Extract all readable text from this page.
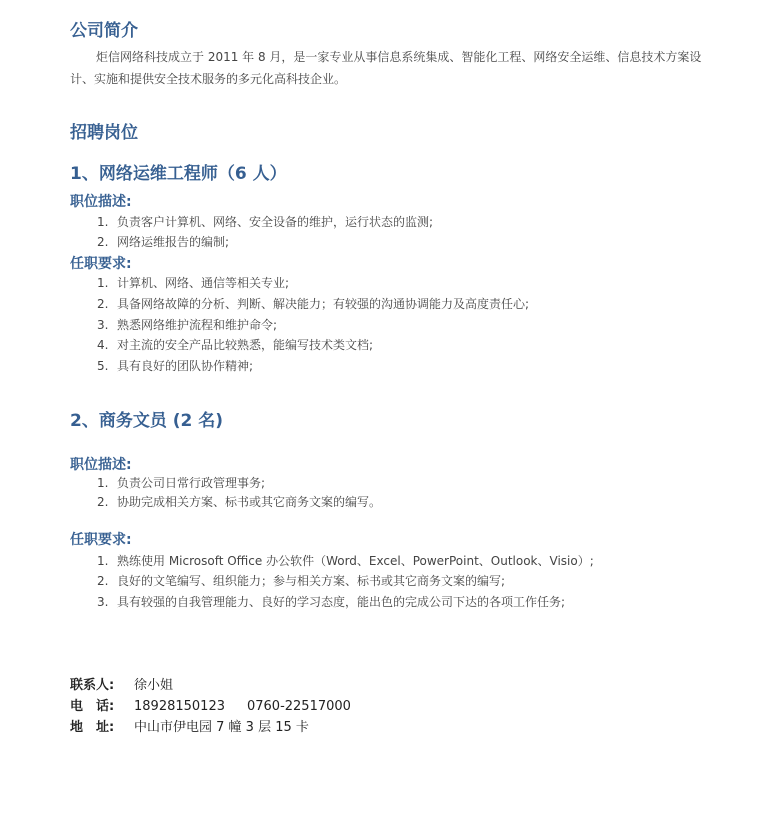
公司简介
炬信网络科技成立于 2011 年 8 月，是一家专业从事信息系统集成、智能化工程、网络安全运维、信息技术方案设计、实施和提供安全技术服务的多元化高科技企业。
招聘岗位
1、网络运维工程师（6 人）
职位描述:
1. 负责客户计算机、网络、安全设备的维护，运行状态的监测;
2. 网络运维报告的编制;
任职要求:
1. 计算机、网络、通信等相关专业;
2. 具备网络故障的分析、判断、解决能力；有较强的沟通协调能力及高度责任心;
3. 熟悉网络维护流程和维护命令;
4. 对主流的安全产品比较熟悉，能编写技术类文档;
5. 具有良好的团队协作精神;
2、商务文员 (2 名)
职位描述:
1. 负责公司日常行政管理事务;
2. 协助完成相关方案、标书或其它商务文案的编写。
任职要求:
1. 熟练使用 Microsoft Office 办公软件（Word、Excel、PowerPoint、Outlook、Visio）;
2. 良好的文笔编写、组织能力；参与相关方案、标书或其它商务文案的编写;
3. 具有较强的自我管理能力、良好的学习态度，能出色的完成公司下达的各项工作任务;
联系人: 徐小姐
电　话: 18928150123 0760-22517000
地　址: 中山市伊电园 7 幢 3 层 15 卡
